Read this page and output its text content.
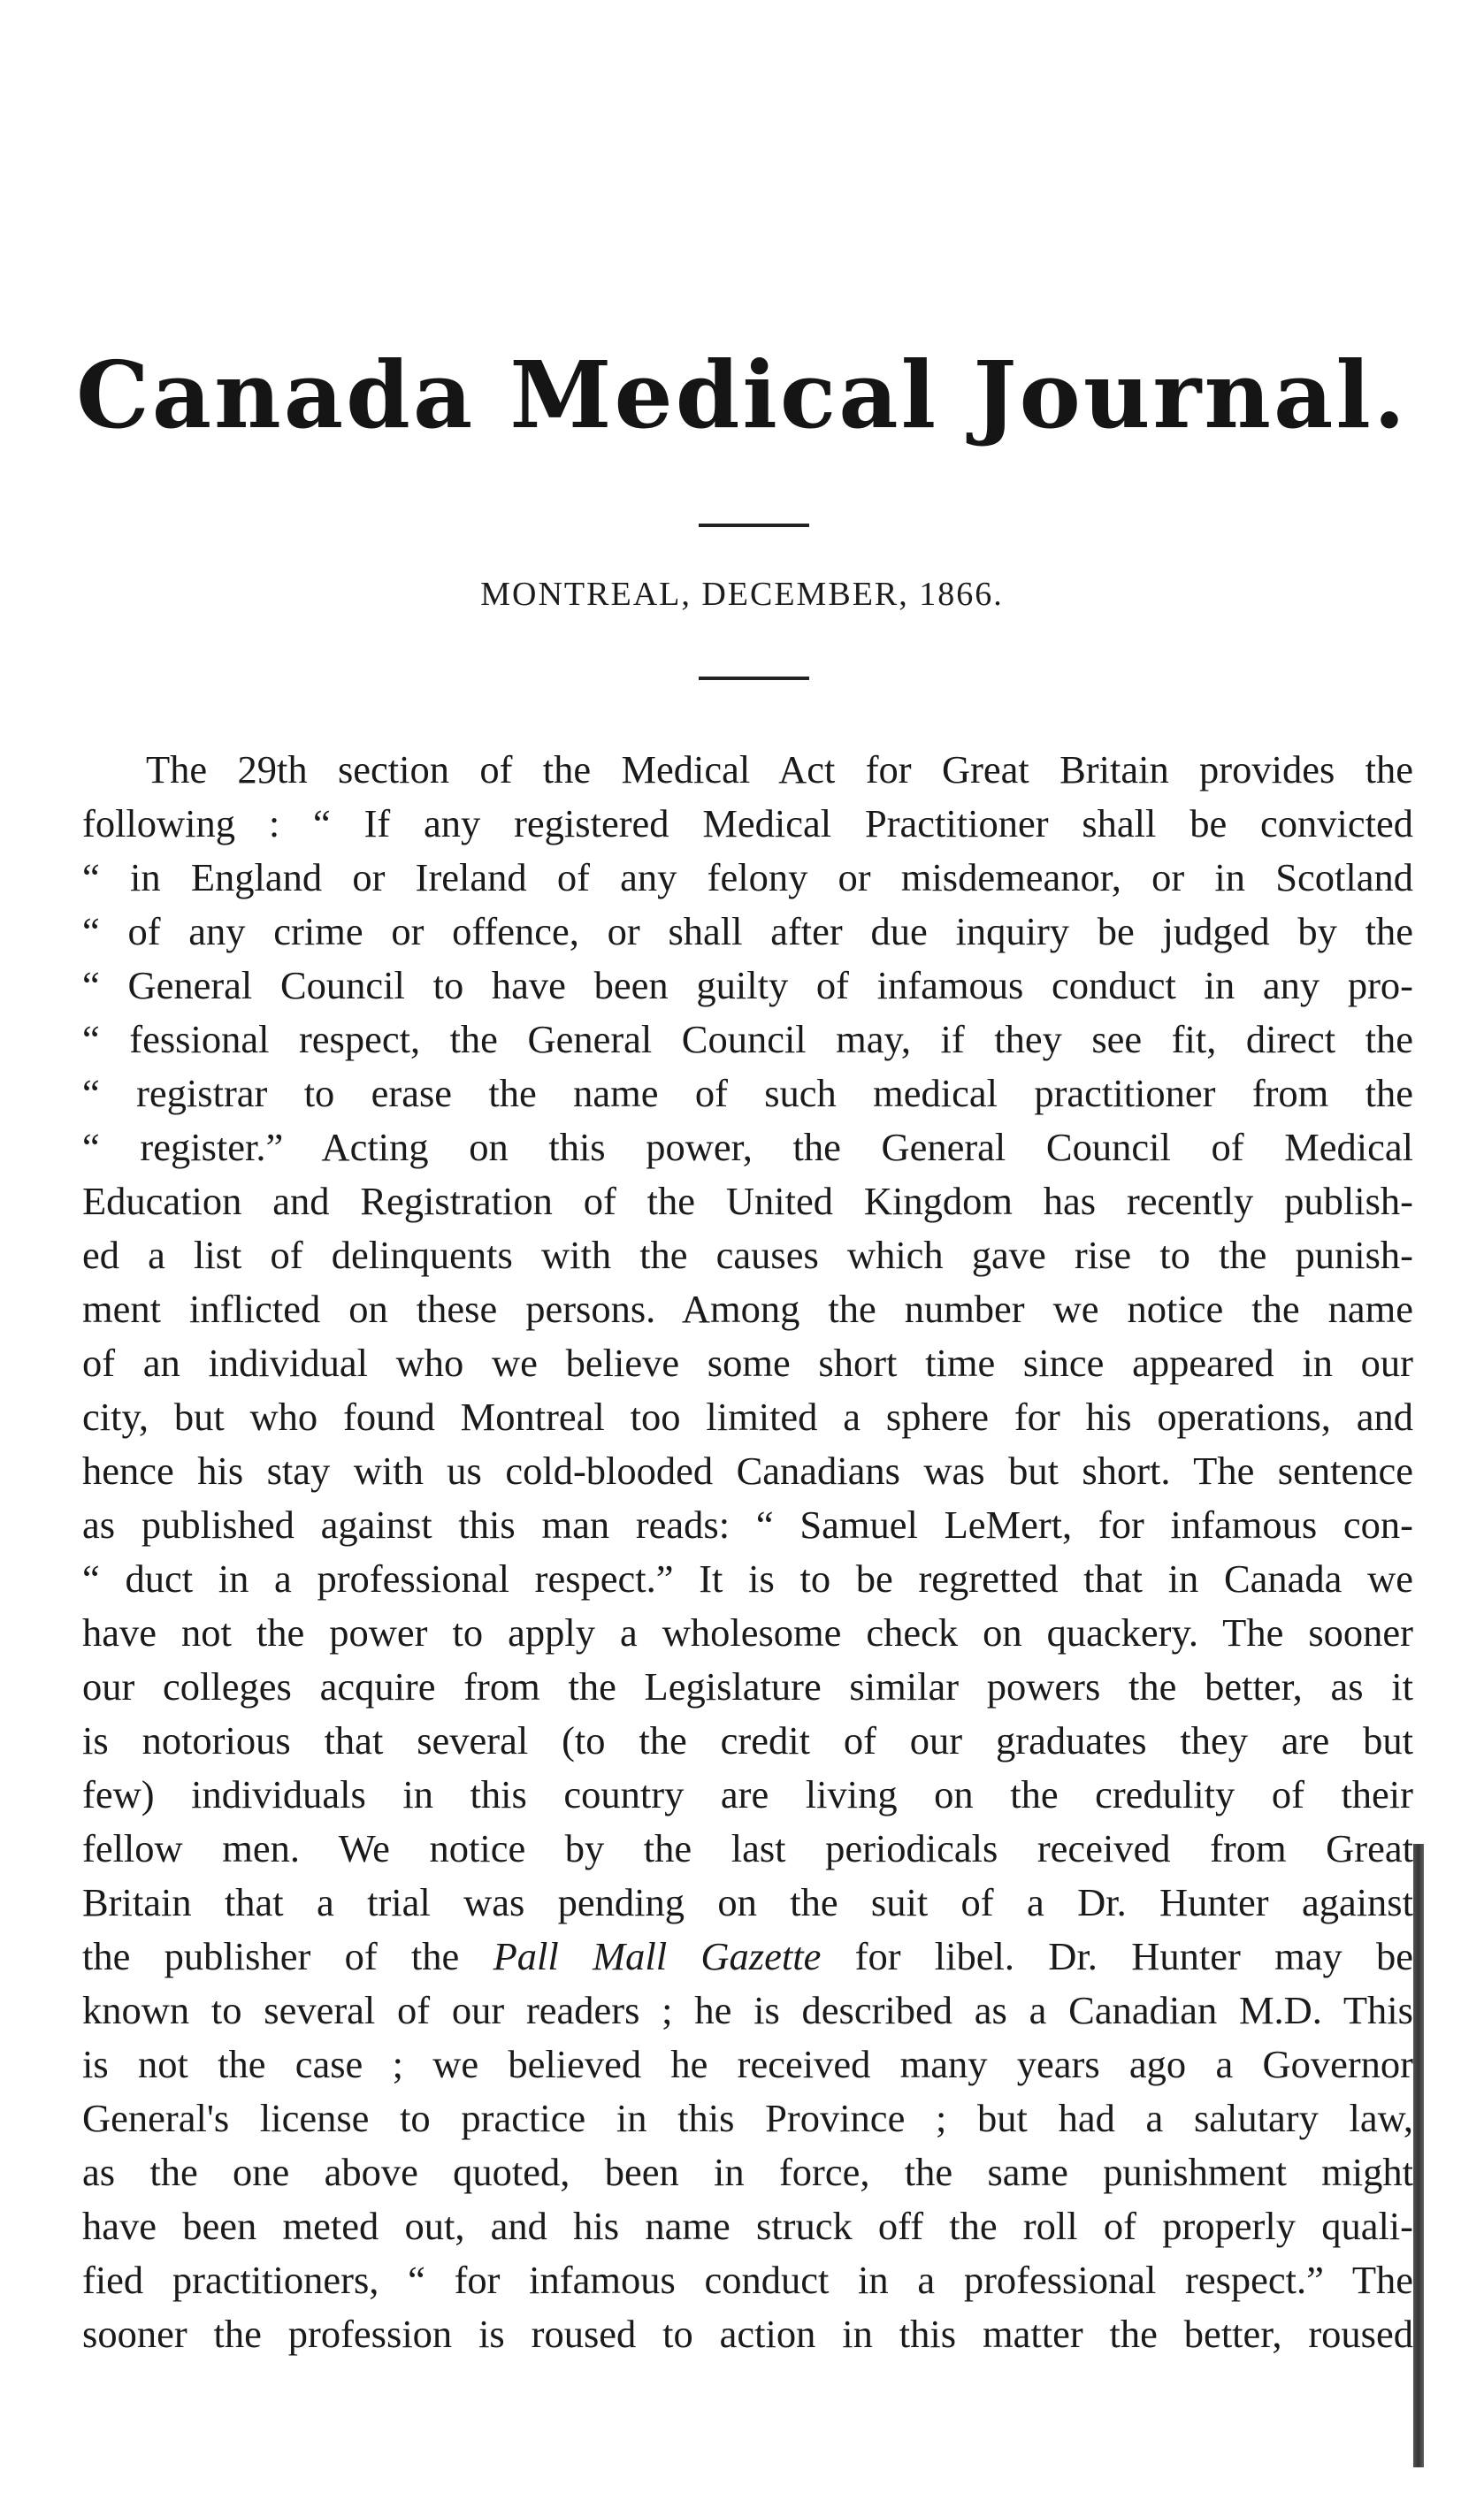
Canada Medical Journal.
MONTREAL, DECEMBER, 1866.
The 29th section of the Medical Act for Great Britain provides the
following : “ If any registered Medical Practitioner shall be convicted
“ in England or Ireland of any felony or misdemeanor, or in Scotland
“ of any crime or offence, or shall after due inquiry be judged by the
“ General Council to have been guilty of infamous conduct in any pro-
“ fessional respect, the General Council may, if they see fit, direct the
“ registrar to erase the name of such medical practitioner from the
“ register.” Acting on this power, the General Council of Medical
Education and Registration of the United Kingdom has recently publish-
ed a list of delinquents with the causes which gave rise to the punish-
ment inflicted on these persons. Among the number we notice the name
of an individual who we believe some short time since appeared in our
city, but who found Montreal too limited a sphere for his operations, and
hence his stay with us cold-blooded Canadians was but short. The sentence
as published against this man reads: “ Samuel LeMert, for infamous con-
“ duct in a professional respect.” It is to be regretted that in Canada we
have not the power to apply a wholesome check on quackery. The sooner
our colleges acquire from the Legislature similar powers the better, as it
is notorious that several (to the credit of our graduates they are but
few) individuals in this country are living on the credulity of their
fellow men. We notice by the last periodicals received from Great
Britain that a trial was pending on the suit of a Dr. Hunter against
the publisher of the Pall Mall Gazette for libel. Dr. Hunter may be
known to several of our readers ; he is described as a Canadian M.D. This
is not the case ; we believed he received many years ago a Governor
General's license to practice in this Province ; but had a salutary law,
as the one above quoted, been in force, the same punishment might
have been meted out, and his name struck off the roll of properly quali-
fied practitioners, “ for infamous conduct in a professional respect.” The
sooner the profession is roused to action in this matter the better, roused
